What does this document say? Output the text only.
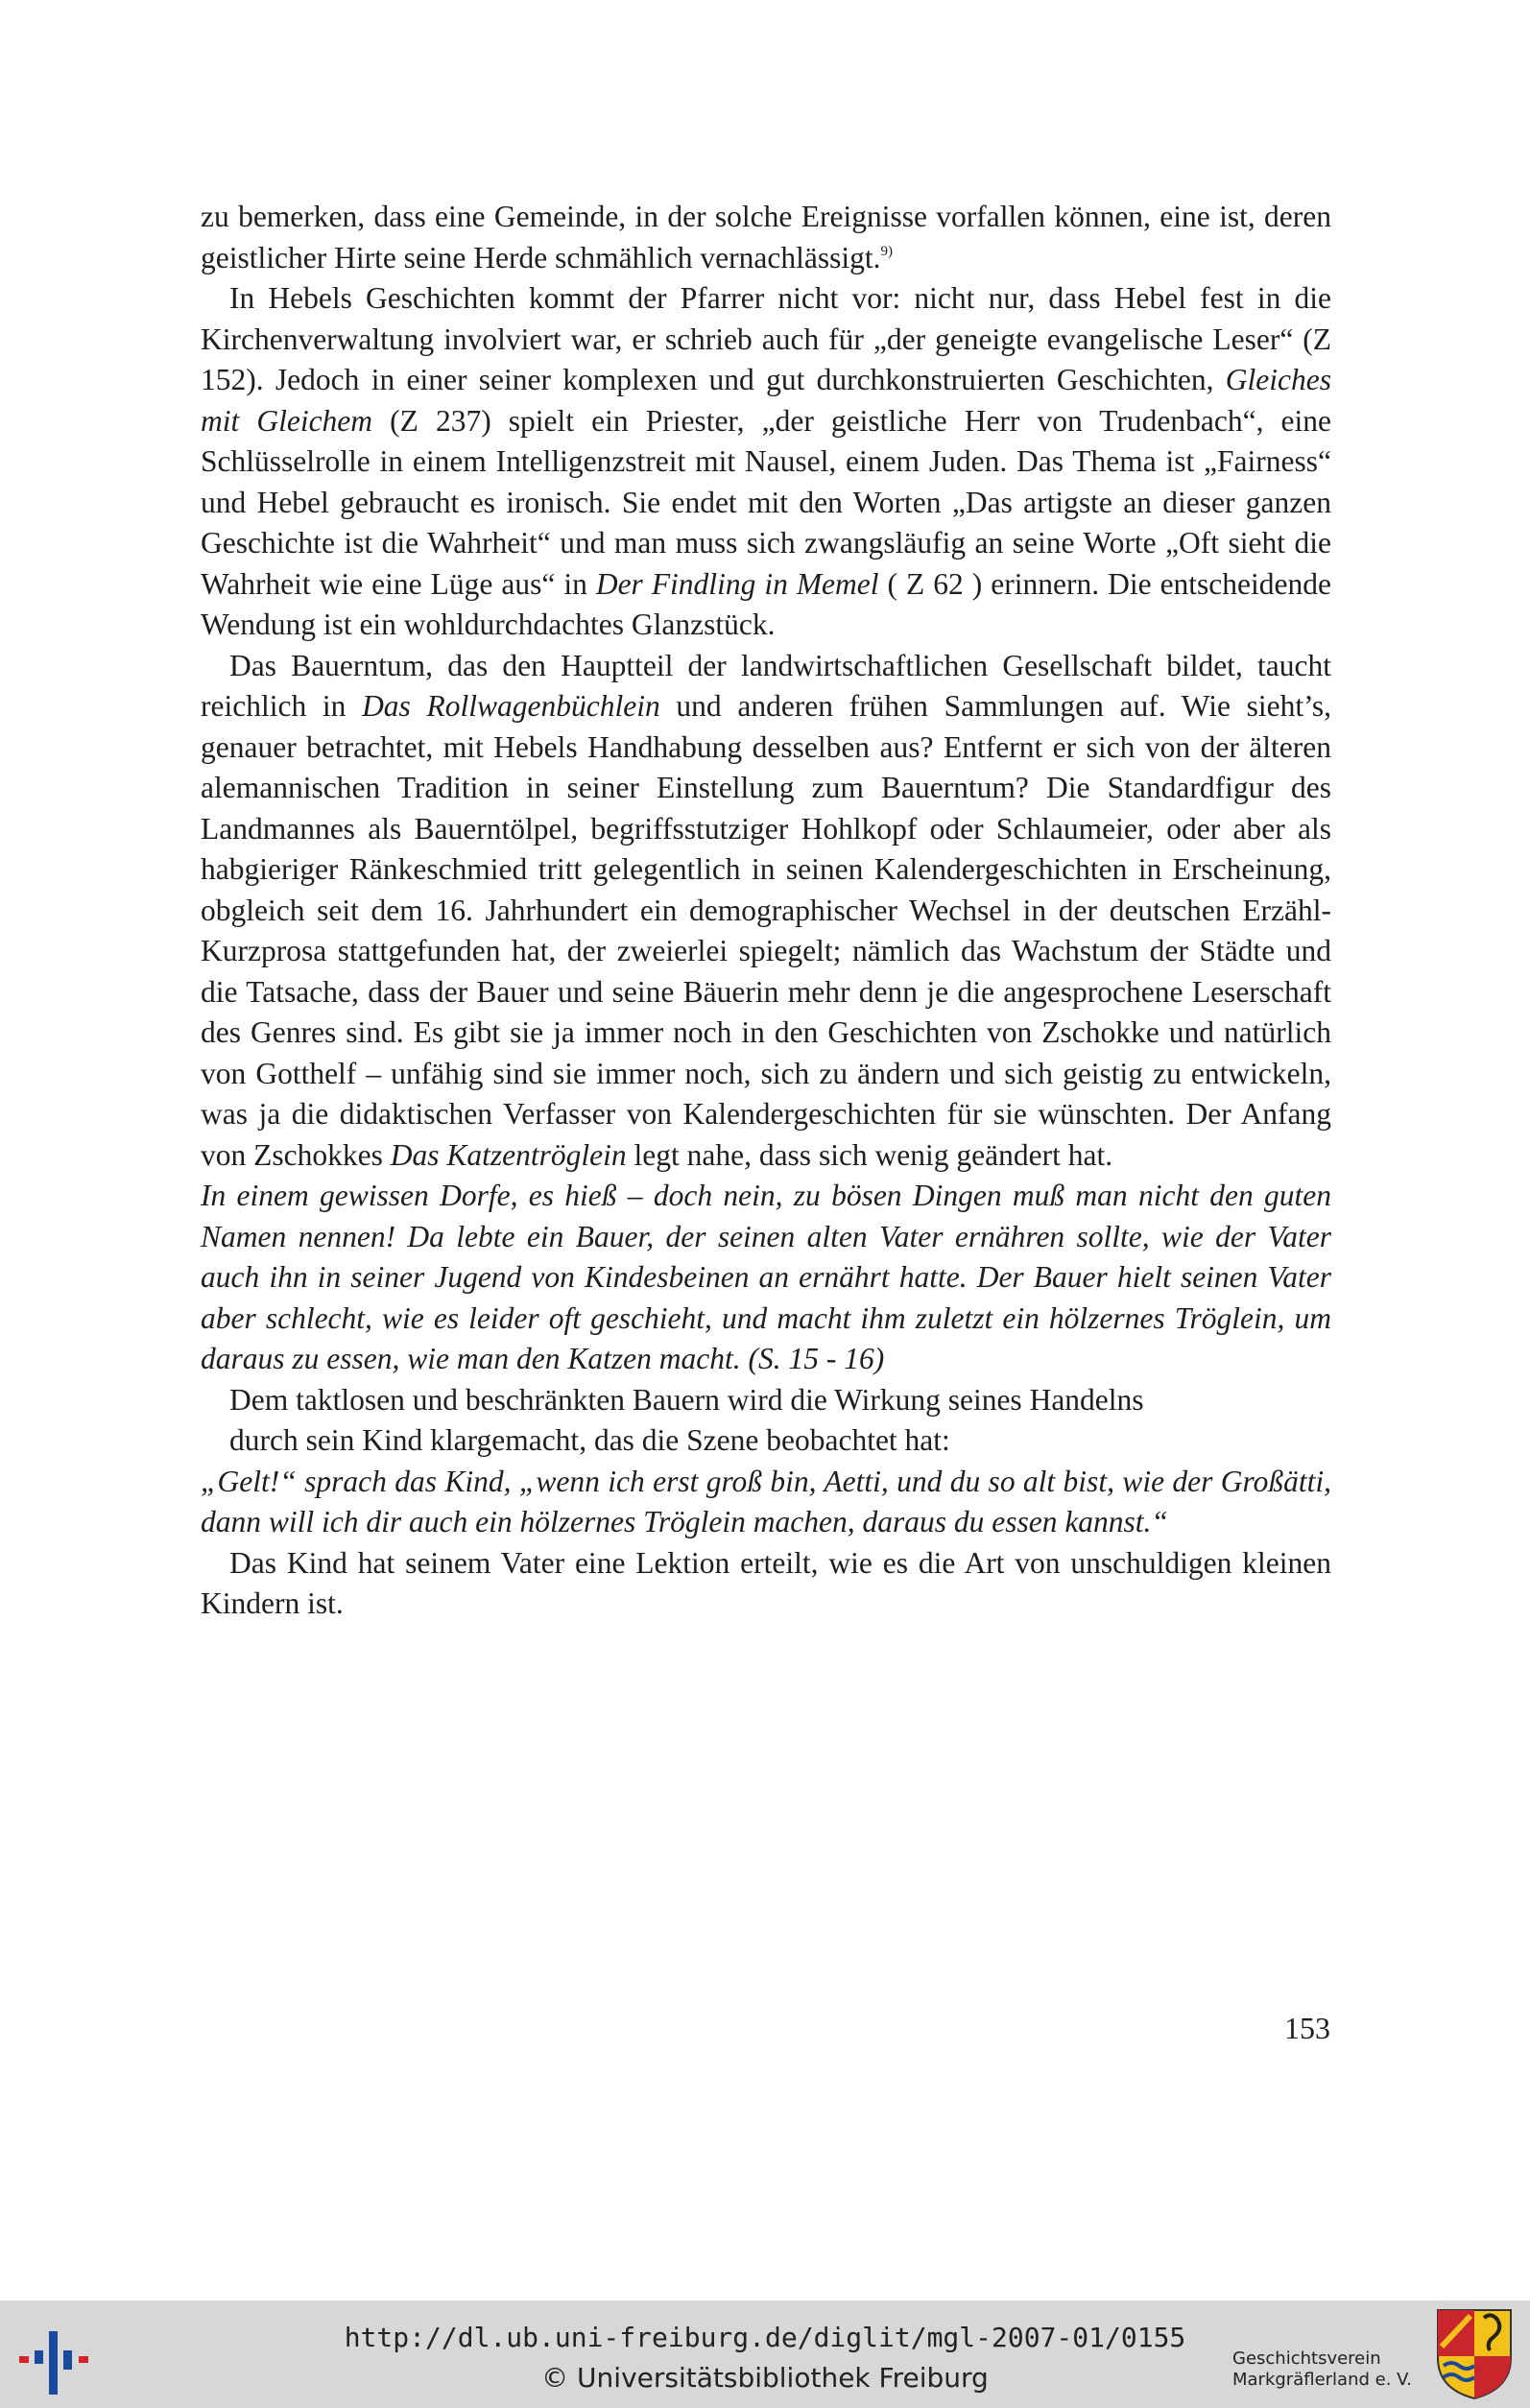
zu bemerken, dass eine Gemeinde, in der solche Ereignisse vorfallen können, eine ist, deren geistlicher Hirte seine Herde schmählich vernachlässigt.$^{9)}$

In Hebels Geschichten kommt der Pfarrer nicht vor: nicht nur, dass Hebel fest in die Kirchenverwaltung involviert war, er schrieb auch für „der geneigte evangelische Leser“ (Z 152). Jedoch in einer seiner komplexen und gut durchkonstruierten Geschichten, Gleiches mit Gleichem (Z 237) spielt ein Priester, „der geistliche Herr von Trudenbach“, eine Schlüsselrolle in einem Intelligenzstreit mit Nausel, einem Juden. Das Thema ist „Fairness“ und Hebel gebraucht es ironisch. Sie endet mit den Worten „Das artigste an dieser ganzen Geschichte ist die Wahrheit“ und man muss sich zwangsläufig an seine Worte „Oft sieht die Wahrheit wie eine Lüge aus“ in Der Findling in Memel ( Z 62 ) erinnern. Die entscheidende Wendung ist ein wohldurchdachtes Glanzstück.

Das Bauerntum, das den Hauptteil der landwirtschaftlichen Gesellschaft bildet, taucht reichlich in Das Rollwagenbüchlein und anderen frühen Sammlungen auf. Wie sieht’s, genauer betrachtet, mit Hebels Handhabung desselben aus? Entfernt er sich von der älteren alemannischen Tradition in seiner Einstellung zum Bauerntum? Die Standardfigur des Landmannes als Bauerntölpel, begriffsstutziger Hohlkopf oder Schlaumeier, oder aber als habgieriger Ränkeschmied tritt gelegentlich in seinen Kalendergeschichten in Erscheinung, obgleich seit dem 16. Jahrhundert ein demographischer Wechsel in der deutschen Erzähl-Kurzprosa stattgefunden hat, der zweierlei spiegelt; nämlich das Wachstum der Städte und die Tatsache, dass der Bauer und seine Bäuerin mehr denn je die angesprochene Leserschaft des Genres sind. Es gibt sie ja immer noch in den Geschichten von Zschokke und natürlich von Gotthelf – unfähig sind sie immer noch, sich zu ändern und sich geistig zu entwickeln, was ja die didaktischen Verfasser von Kalendergeschichten für sie wünschten. Der Anfang von Zschokkes Das Katzentröglein legt nahe, dass sich wenig geändert hat.

In einem gewissen Dorfe, es hieß – doch nein, zu bösen Dingen muß man nicht den guten Namen nennen! Da lebte ein Bauer, der seinen alten Vater ernähren sollte, wie der Vater auch ihn in seiner Jugend von Kindesbeinen an ernährt hatte. Der Bauer hielt seinen Vater aber schlecht, wie es leider oft geschieht, und macht ihm zuletzt ein hölzernes Tröglein, um daraus zu essen, wie man den Katzen macht. (S. 15 - 16)

Dem taktlosen und beschränkten Bauern wird die Wirkung seines Handelns
durch sein Kind klargemacht, das die Szene beobachtet hat:

„Gelt!“ sprach das Kind, „wenn ich erst groß bin, Aetti, und du so alt bist, wie der Großätti, dann will ich dir auch ein hölzernes Tröglein machen, daraus du essen kannst.“

Das Kind hat seinem Vater eine Lektion erteilt, wie es die Art von unschuldigen kleinen Kindern ist.

153
http://dl.ub.uni-freiburg.de/diglit/mgl-2007-01/0155
© Universitätsbibliothek Freiburg
Geschichtsverein
Markgräflerland e. V.
